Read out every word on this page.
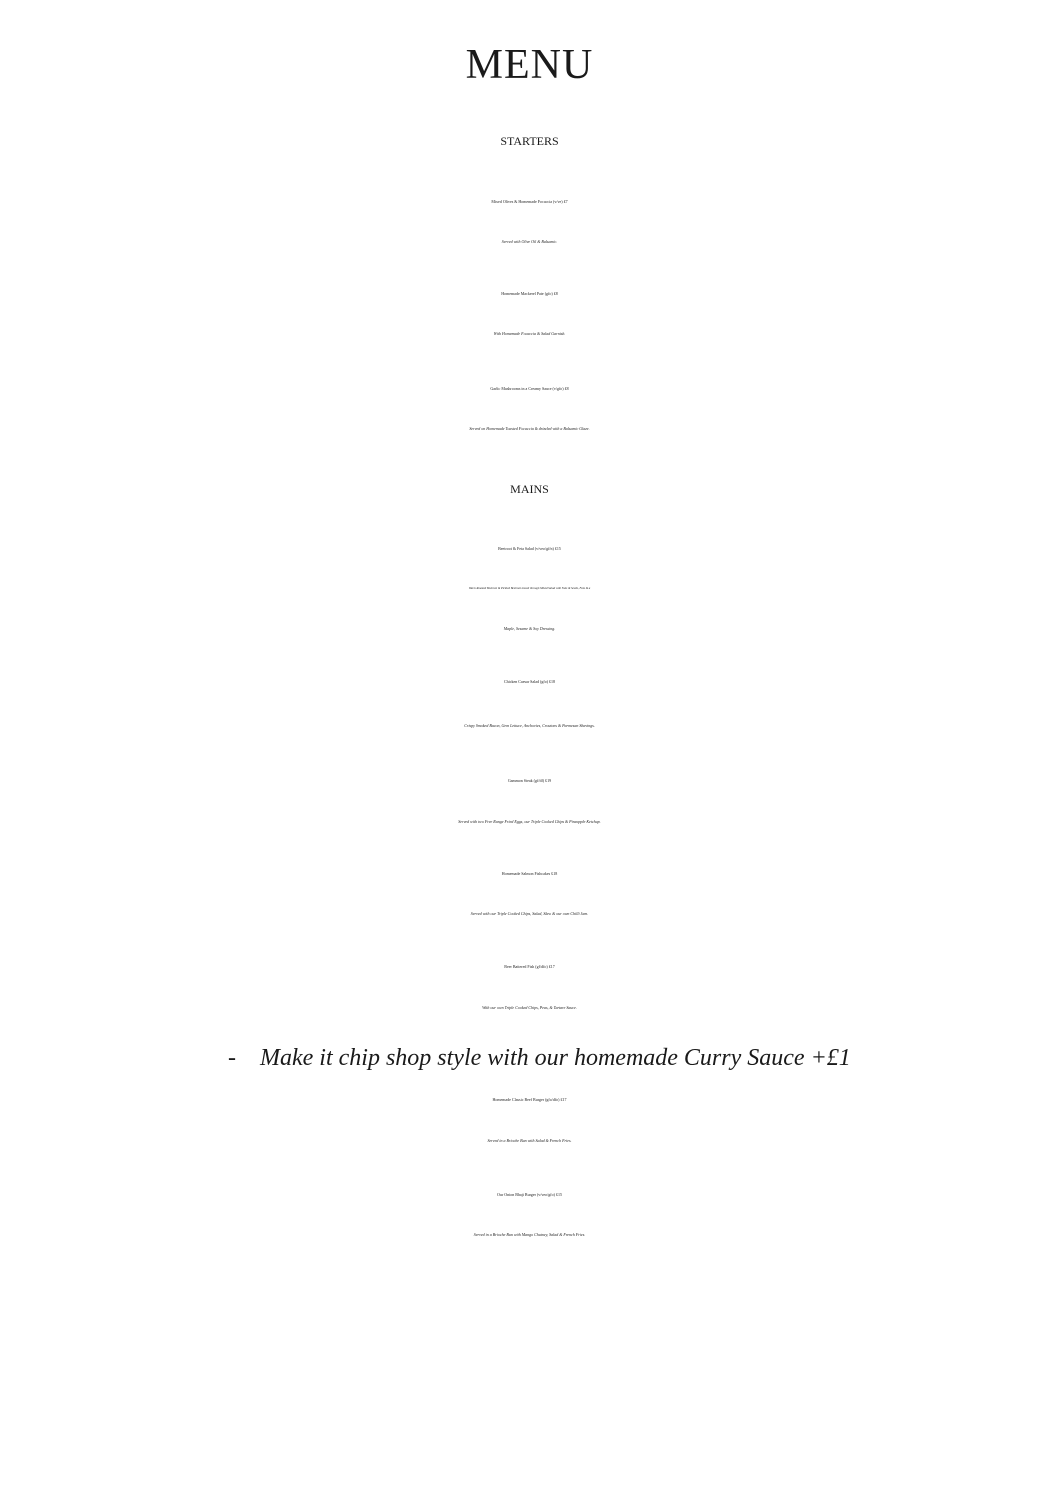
MENU
STARTERS
Mixed Olives & Homemade Focaccia (v/ve) £7
Served with Olive Oil & Balsamic.
Homemade Mackerel Pate (gfo) £8
With Homemade Focaccia & Salad Garnish.
Garlic Mushrooms in a Creamy Sauce (v/gfo) £8
Served on Homemade Toasted Focaccia & drizzled with a Balsamic Glaze.
MAINS
Beetroot & Feta Salad (v/veo/gf/n) £15
Warm Roasted Beetroot & Pickled Beetroot tossed through Mixed Salad with Nuts & Seeds, Feta & a
Maple, Sesame & Soy Dressing.
Chicken Caesar Salad (gfo) £18
Crispy Smoked Bacon, Gem Lettuce, Anchovies, Croutons & Parmesan Shavings.
Gammon Steak (gf/df) £19
Served with two Free Range Fried Eggs, our Triple Cooked Chips & Pineapple Ketchup.
Homemade Salmon Fishcakes £18
Served with our Triple Cooked Chips, Salad, Slaw & our own Chilli Jam.
Beer Battered Fish (gf/dfo) £17
With our own Triple Cooked Chips, Peas, & Tartare Sauce.
- Make it chip shop style with our homemade Curry Sauce +£1
Homemade Classic Beef Burger (gfo/dfo) £17
Served in a Brioche Bun with Salad & French Fries.
Our Onion Bhaji Burger (v/veo/gfo) £15
Served in a Brioche Bun with Mango Chutney, Salad & French Fries.
